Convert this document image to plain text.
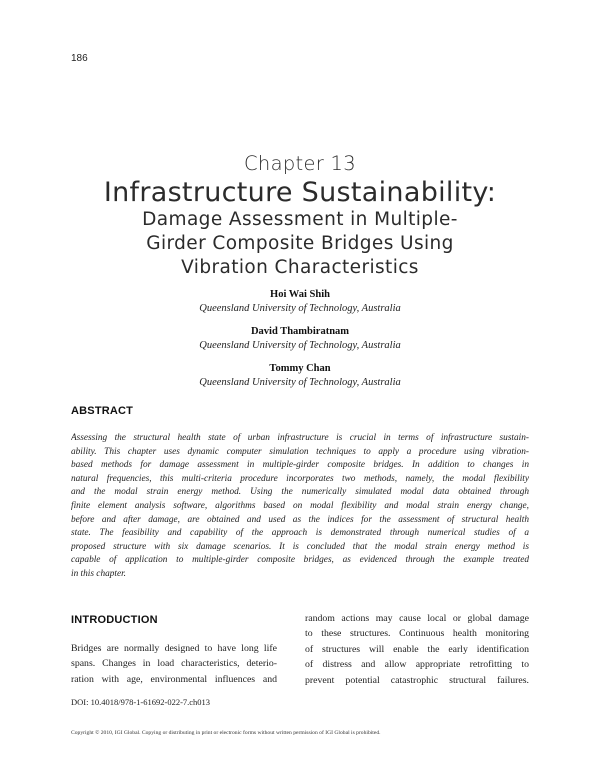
186
Chapter 13
Infrastructure Sustainability:
Damage Assessment in Multiple-
Girder Composite Bridges Using
Vibration Characteristics
Hoi Wai Shih
Queensland University of Technology, Australia
David Thambiratnam
Queensland University of Technology, Australia
Tommy Chan
Queensland University of Technology, Australia
ABSTRACT
Assessing the structural health state of urban infrastructure is crucial in terms of infrastructure sustain-
ability. This chapter uses dynamic computer simulation techniques to apply a procedure using vibration-
based methods for damage assessment in multiple-girder composite bridges. In addition to changes in
natural frequencies, this multi-criteria procedure incorporates two methods, namely, the modal flexibility
and the modal strain energy method. Using the numerically simulated modal data obtained through
finite element analysis software, algorithms based on modal flexibility and modal strain energy change,
before and after damage, are obtained and used as the indices for the assessment of structural health
state. The feasibility and capability of the approach is demonstrated through numerical studies of a
proposed structure with six damage scenarios. It is concluded that the modal strain energy method is
capable of application to multiple-girder composite bridges, as evidenced through the example treated
in this chapter.
INTRODUCTION
Bridges are normally designed to have long life
spans. Changes in load characteristics, deterio-
ration with age, environmental influences and
random actions may cause local or global damage
to these structures. Continuous health monitoring
of structures will enable the early identification
of distress and allow appropriate retrofitting to
prevent potential catastrophic structural failures.
DOI: 10.4018/978-1-61692-022-7.ch013
Copyright © 2010, IGI Global. Copying or distributing in print or electronic forms without written permission of IGI Global is prohibited.
